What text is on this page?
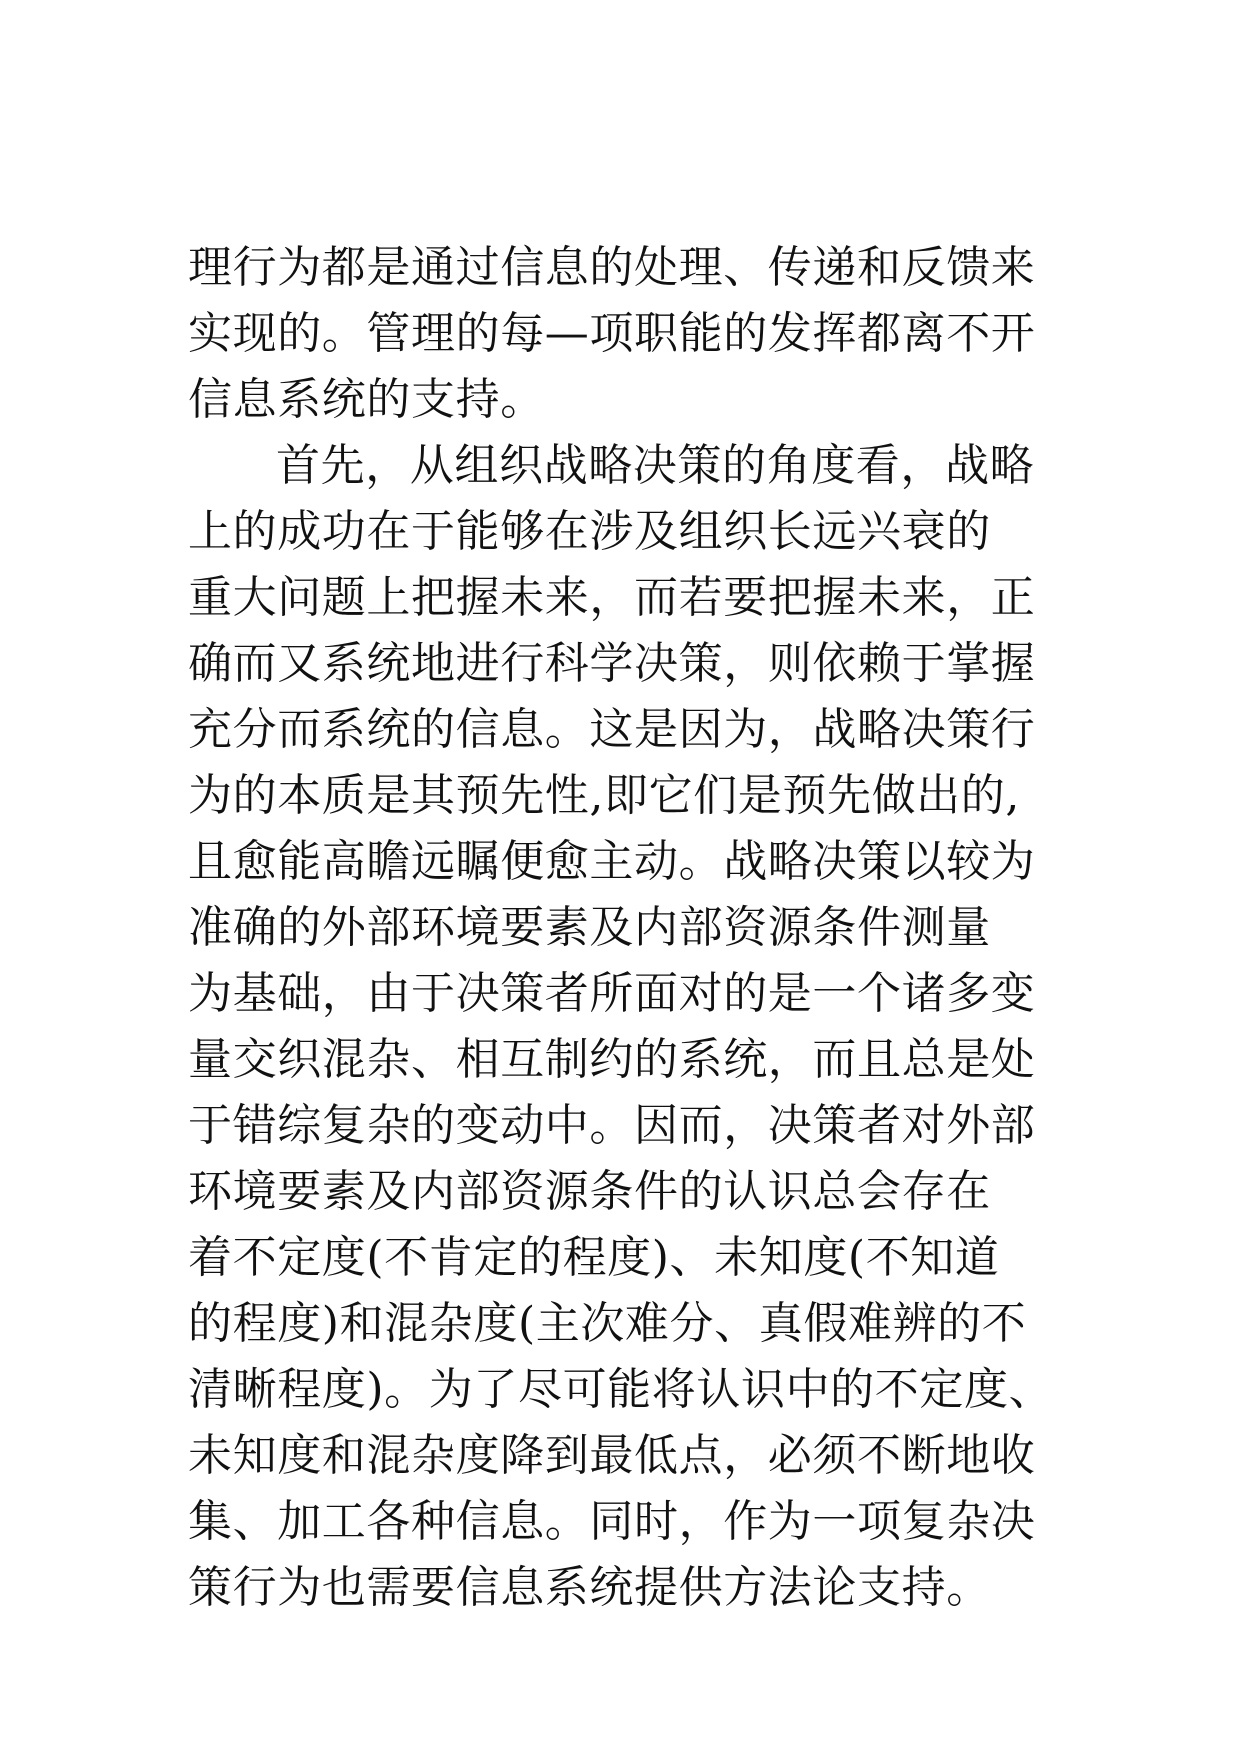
理行为都是通过信息的处理、传递和反馈来
实现的。管理的每—项职能的发挥都离不开
信息系统的支持。
首先，从组织战略决策的角度看，战略
上的成功在于能够在涉及组织长远兴衰的
重大问题上把握未来，而若要把握未来，正
确而又系统地进行科学决策，则依赖于掌握
充分而系统的信息。这是因为，战略决策行
为的本质是其预先性,即它们是预先做出的,
且愈能高瞻远瞩便愈主动。战略决策以较为
准确的外部环境要素及内部资源条件测量
为基础，由于决策者所面对的是一个诸多变
量交织混杂、相互制约的系统，而且总是处
于错综复杂的变动中。因而，决策者对外部
环境要素及内部资源条件的认识总会存在
着不定度(不肯定的程度)、未知度(不知道
的程度)和混杂度(主次难分、真假难辨的不
清晰程度)。为了尽可能将认识中的不定度、
未知度和混杂度降到最低点，必须不断地收
集、加工各种信息。同时，作为一项复杂决
策行为也需要信息系统提供方法论支持。
